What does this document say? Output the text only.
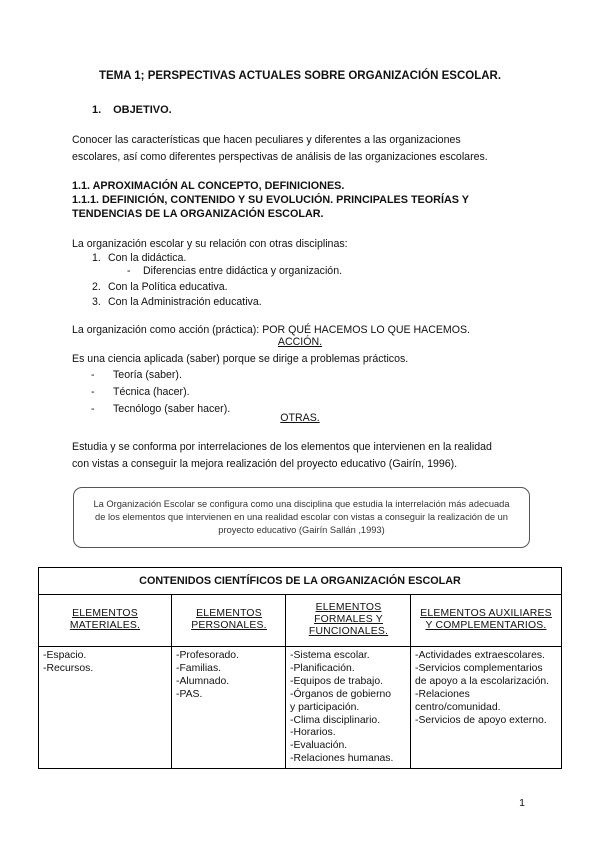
TEMA 1; PERSPECTIVAS ACTUALES SOBRE ORGANIZACIÓN ESCOLAR.
1. OBJETIVO.
Conocer las características que hacen peculiares y diferentes a las organizaciones
escolares, así como diferentes perspectivas de análisis de las organizaciones escolares.
1.1. APROXIMACIÓN AL CONCEPTO, DEFINICIONES.
1.1.1. DEFINICIÓN, CONTENIDO Y SU EVOLUCIÓN. PRINCIPALES TEORÍAS Y
TENDENCIAS DE LA ORGANIZACIÓN ESCOLAR.
La organización escolar y su relación con otras disciplinas:
1. Con la didáctica.
2. Con la Política educativa.
3. Con la Administración educativa.
- Diferencias entre didáctica y organización.
La organización como acción (práctica): POR QUÉ HACEMOS LO QUE HACEMOS.
ACCIÓN.
Es una ciencia aplicada (saber) porque se dirige a problemas prácticos.
- Teoría (saber).
- Técnica (hacer).
- Tecnólogo (saber hacer).
OTRAS.
Estudia y se conforma por interrelaciones de los elementos que intervienen en la realidad
con vistas a conseguir la mejora realización del proyecto educativo (Gairín, 1996).
La Organización Escolar se configura como una disciplina que estudia la interrelación más adecuada
de los elementos que intervienen en una realidad escolar con vistas a conseguir la realización de un
proyecto educativo (Gairín Sallán ,1993)
CONTENIDOS CIENTÍFICOS DE LA ORGANIZACIÓN ESCOLAR
ELEMENTOS
MATERIALES.
-Espacio.
-Recursos.
ELEMENTOS
PERSONALES.
-Profesorado.
-Familias.
-Alumnado.
-PAS.
ELEMENTOS
FORMALES Y
FUNCIONALES.
-Sistema escolar.
-Planificación.
-Equipos de trabajo.
-Órganos de gobierno
y participación.
-Clima disciplinario.
-Horarios.
-Evaluación.
-Relaciones humanas.
ELEMENTOS AUXILIARES
Y COMPLEMENTARIOS.
-Actividades extraescolares.
-Servicios complementarios
de apoyo a la escolarización.
-Relaciones
centro/comunidad.
-Servicios de apoyo externo.
1
